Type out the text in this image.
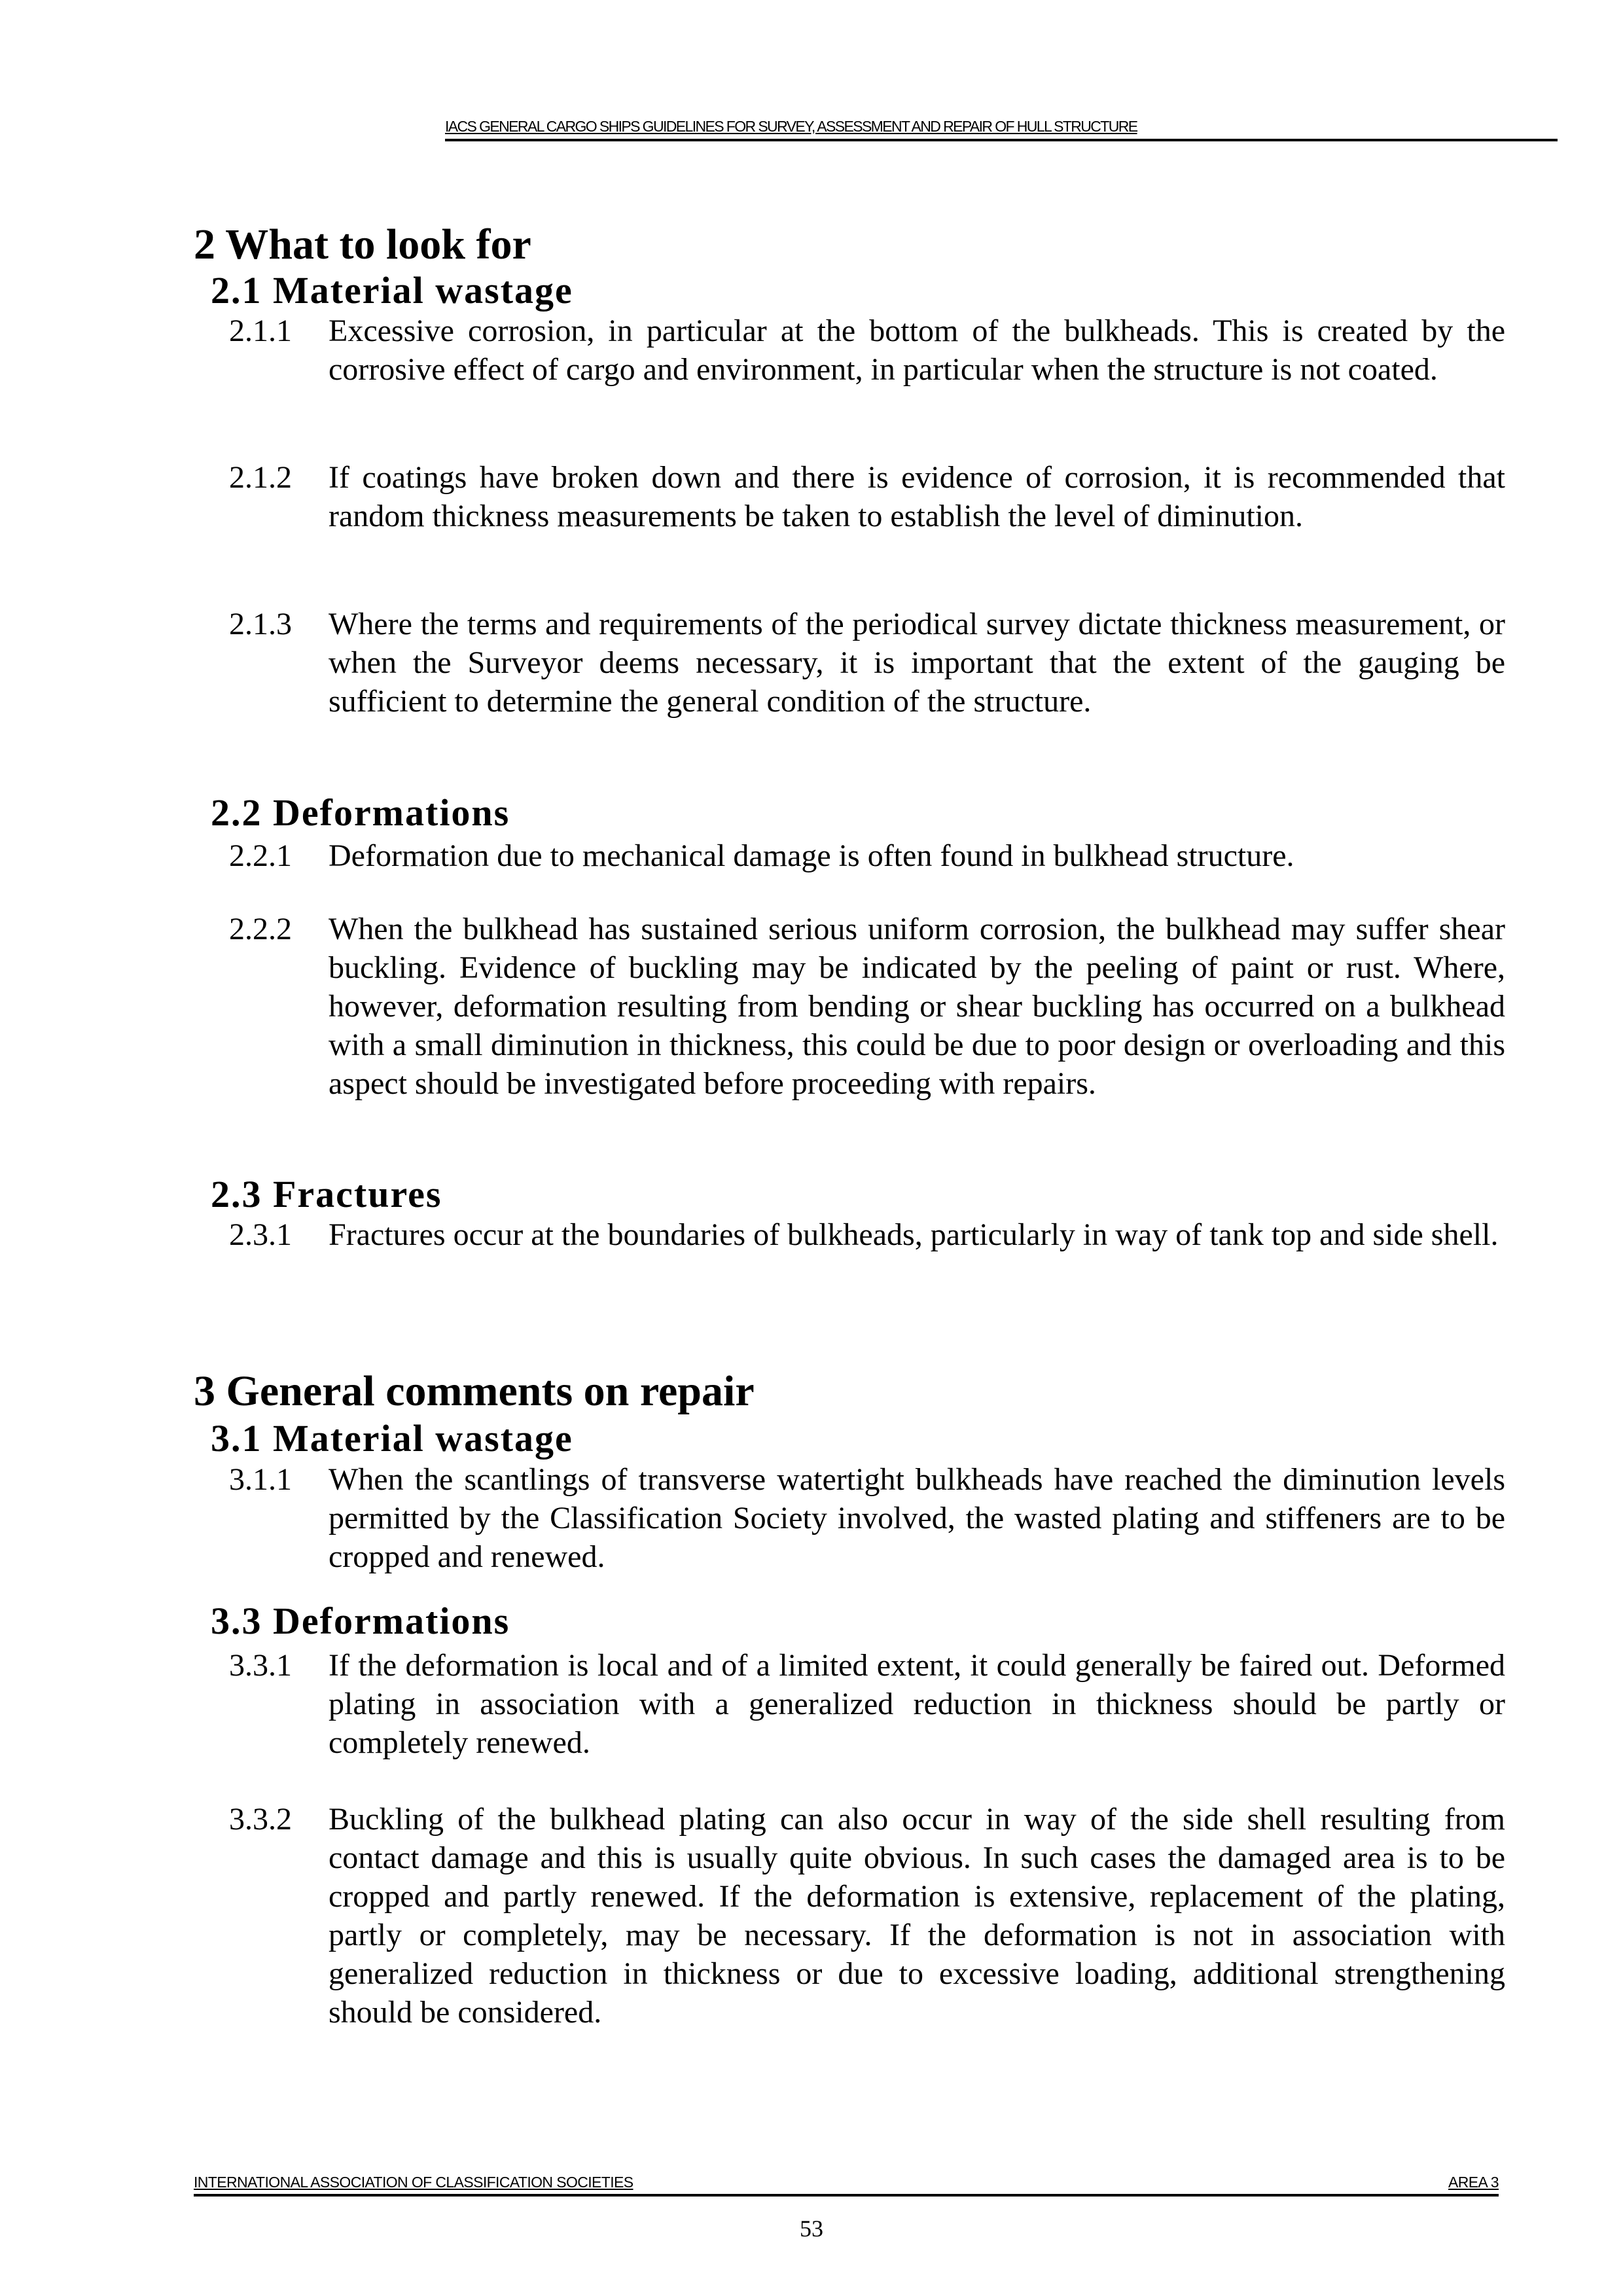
IACS GENERAL CARGO SHIPS GUIDELINES FOR SURVEY, ASSESSMENT AND REPAIR OF HULL STRUCTURE
2 What to look for
2.1 Material wastage
2.1.1	Excessive corrosion, in particular at the bottom of the bulkheads. This is created by the corrosive effect of cargo and environment, in particular when the structure is not coated.
2.1.2	If coatings have broken down and there is evidence of corrosion, it is recommended that random thickness measurements be taken to establish the level of diminution.
2.1.3	Where the terms and requirements of the periodical survey dictate thickness measurement, or when the Surveyor deems necessary, it is important that the extent of the gauging be sufficient to determine the general condition of the structure.
2.2 Deformations
2.2.1	Deformation due to mechanical damage is often found in bulkhead structure.
2.2.2	When the bulkhead has sustained serious uniform corrosion, the bulkhead may suffer shear buckling. Evidence of buckling may be indicated by the peeling of paint or rust. Where, however, deformation resulting from bending or shear buckling has occurred on a bulkhead with a small diminution in thickness, this could be due to poor design or overloading and this aspect should be investigated before proceeding with repairs.
2.3 Fractures
2.3.1	Fractures occur at the boundaries of bulkheads, particularly in way of tank top and side shell.
3 General comments on repair
3.1 Material wastage
3.1.1	When the scantlings of transverse watertight bulkheads have reached the diminution levels permitted by the Classification Society involved, the wasted plating and stiffeners are to be cropped and renewed.
3.3 Deformations
3.3.1	If the deformation is local and of a limited extent, it could generally be faired out. Deformed plating in association with a generalized reduction in thickness should be partly or completely renewed.
3.3.2	Buckling of the bulkhead plating can also occur in way of the side shell resulting from contact damage and this is usually quite obvious. In such cases the damaged area is to be cropped and partly renewed. If the deformation is extensive, replacement of the plating, partly or completely, may be necessary. If the deformation is not in association with generalized reduction in thickness or due to excessive loading, additional strengthening should be considered.
INTERNATIONAL ASSOCIATION OF CLASSIFICATION SOCIETIES	AREA 3
53
